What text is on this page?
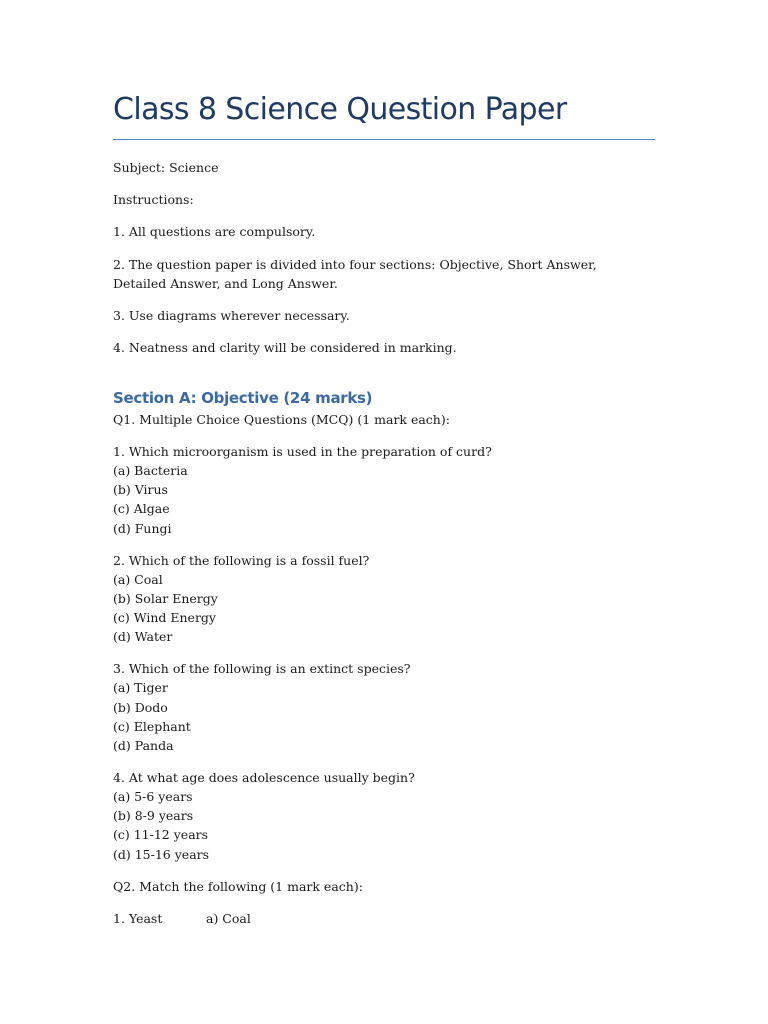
Class 8 Science Question Paper

Subject: Science

Instructions:

1. All questions are compulsory.

2. The question paper is divided into four sections: Objective, Short Answer, Detailed Answer, and Long Answer.

3. Use diagrams wherever necessary.

4. Neatness and clarity will be considered in marking.

Section A: Objective (24 marks)

Q1. Multiple Choice Questions (MCQ) (1 mark each):

1. Which microorganism is used in the preparation of curd?

(a) Bacteria

(b) Virus

(c) Algae

(d) Fungi

2. Which of the following is a fossil fuel?

(a) Coal

(b) Solar Energy

(c) Wind Energy

(d) Water

3. Which of the following is an extinct species?

(a) Tiger

(b) Dodo

(c) Elephant

(d) Panda

4. At what age does adolescence usually begin?

(a) 5-6 years

(b) 8-9 years

(c) 11-12 years

(d) 15-16 years

Q2. Match the following (1 mark each):

1. Yeast	a) Coal
